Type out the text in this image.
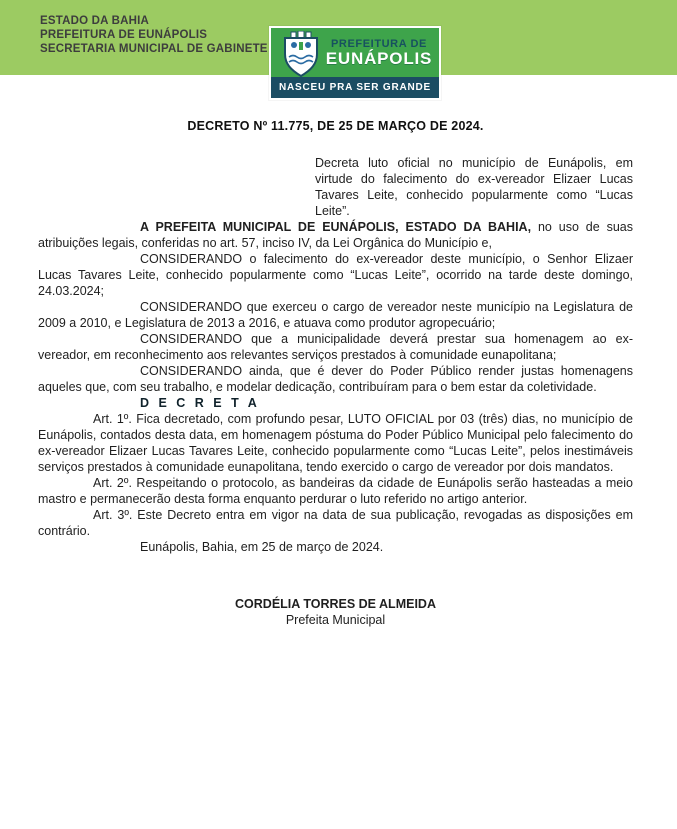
ESTADO DA BAHIA
PREFEITURA DE EUNÁPOLIS
SECRETARIA MUNICIPAL DE GABINETE	PREFEITURA DE
EUNÁPOLIS
NASCEU PRA SER GRANDE
DECRETO Nº 11.775, DE 25 DE MARÇO DE 2024.
Decreta luto oficial no município de Eunápolis, em virtude do falecimento do ex-vereador Elizaer Lucas Tavares Leite, conhecido popularmente como “Lucas Leite”.

A PREFEITA MUNICIPAL DE EUNÁPOLIS, ESTADO DA BAHIA, no uso de suas atribuições legais, conferidas no art. 57, inciso IV, da Lei Orgânica do Município e,

CONSIDERANDO o falecimento do ex-vereador deste município, o Senhor Elizaer Lucas Tavares Leite, conhecido popularmente como “Lucas Leite”, ocorrido na tarde deste domingo, 24.03.2024;

CONSIDERANDO que exerceu o cargo de vereador neste município na Legislatura de 2009 a 2010, e Legislatura de 2013 a 2016, e atuava como produtor agropecuário;

CONSIDERANDO que a municipalidade deverá prestar sua homenagem ao ex-vereador, em reconhecimento aos relevantes serviços prestados à comunidade eunapolitana;

CONSIDERANDO ainda, que é dever do Poder Público render justas homenagens aqueles que, com seu trabalho, e modelar dedicação, contribuíram para o bem estar da coletividade.

D E C R E T A

Art. 1º. Fica decretado, com profundo pesar, LUTO OFICIAL por 03 (três) dias, no município de Eunápolis, contados desta data, em homenagem póstuma do Poder Público Municipal pelo falecimento do ex-vereador Elizaer Lucas Tavares Leite, conhecido popularmente como “Lucas Leite”, pelos inestimáveis serviços prestados à comunidade eunapolitana, tendo exercido o cargo de vereador por dois mandatos.

Art. 2º. Respeitando o protocolo, as bandeiras da cidade de Eunápolis serão hasteadas a meio mastro e permanecerão desta forma enquanto perdurar o luto referido no artigo anterior.

Art. 3º. Este Decreto entra em vigor na data de sua publicação, revogadas as disposições em contrário.

Eunápolis, Bahia, em 25 de março de 2024.

CORDÉLIA TORRES DE ALMEIDA
Prefeita Municipal
